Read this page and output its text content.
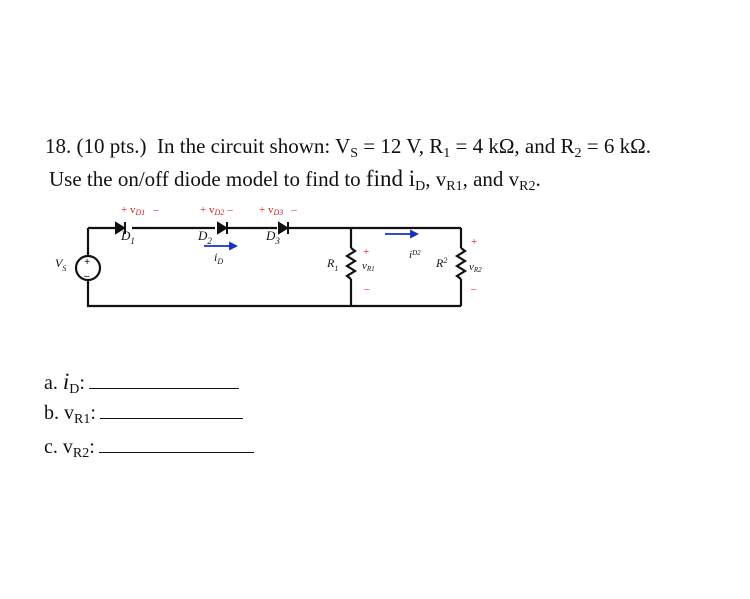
18. (10 pts.) In the circuit shown: $V_S = 12$ V, $R_1 = 4$ kΩ, and $R_2 = 6$ kΩ.
Use the on/off diode model to find to find $i_D$, $v_{R1}$, and $v_{R2}$.
+ vD1 –	+ vD2 – + vD3 –
$D_1$	$D_2$	$D_3$
$i_D$
$V_S$
+
–
$R_1$ vR1
+
–
$i^{D2}$
$R^2$
vR2
+
–
a. $i_D$:
b. $v_{R1}$:
c. $v_{R2}$:
